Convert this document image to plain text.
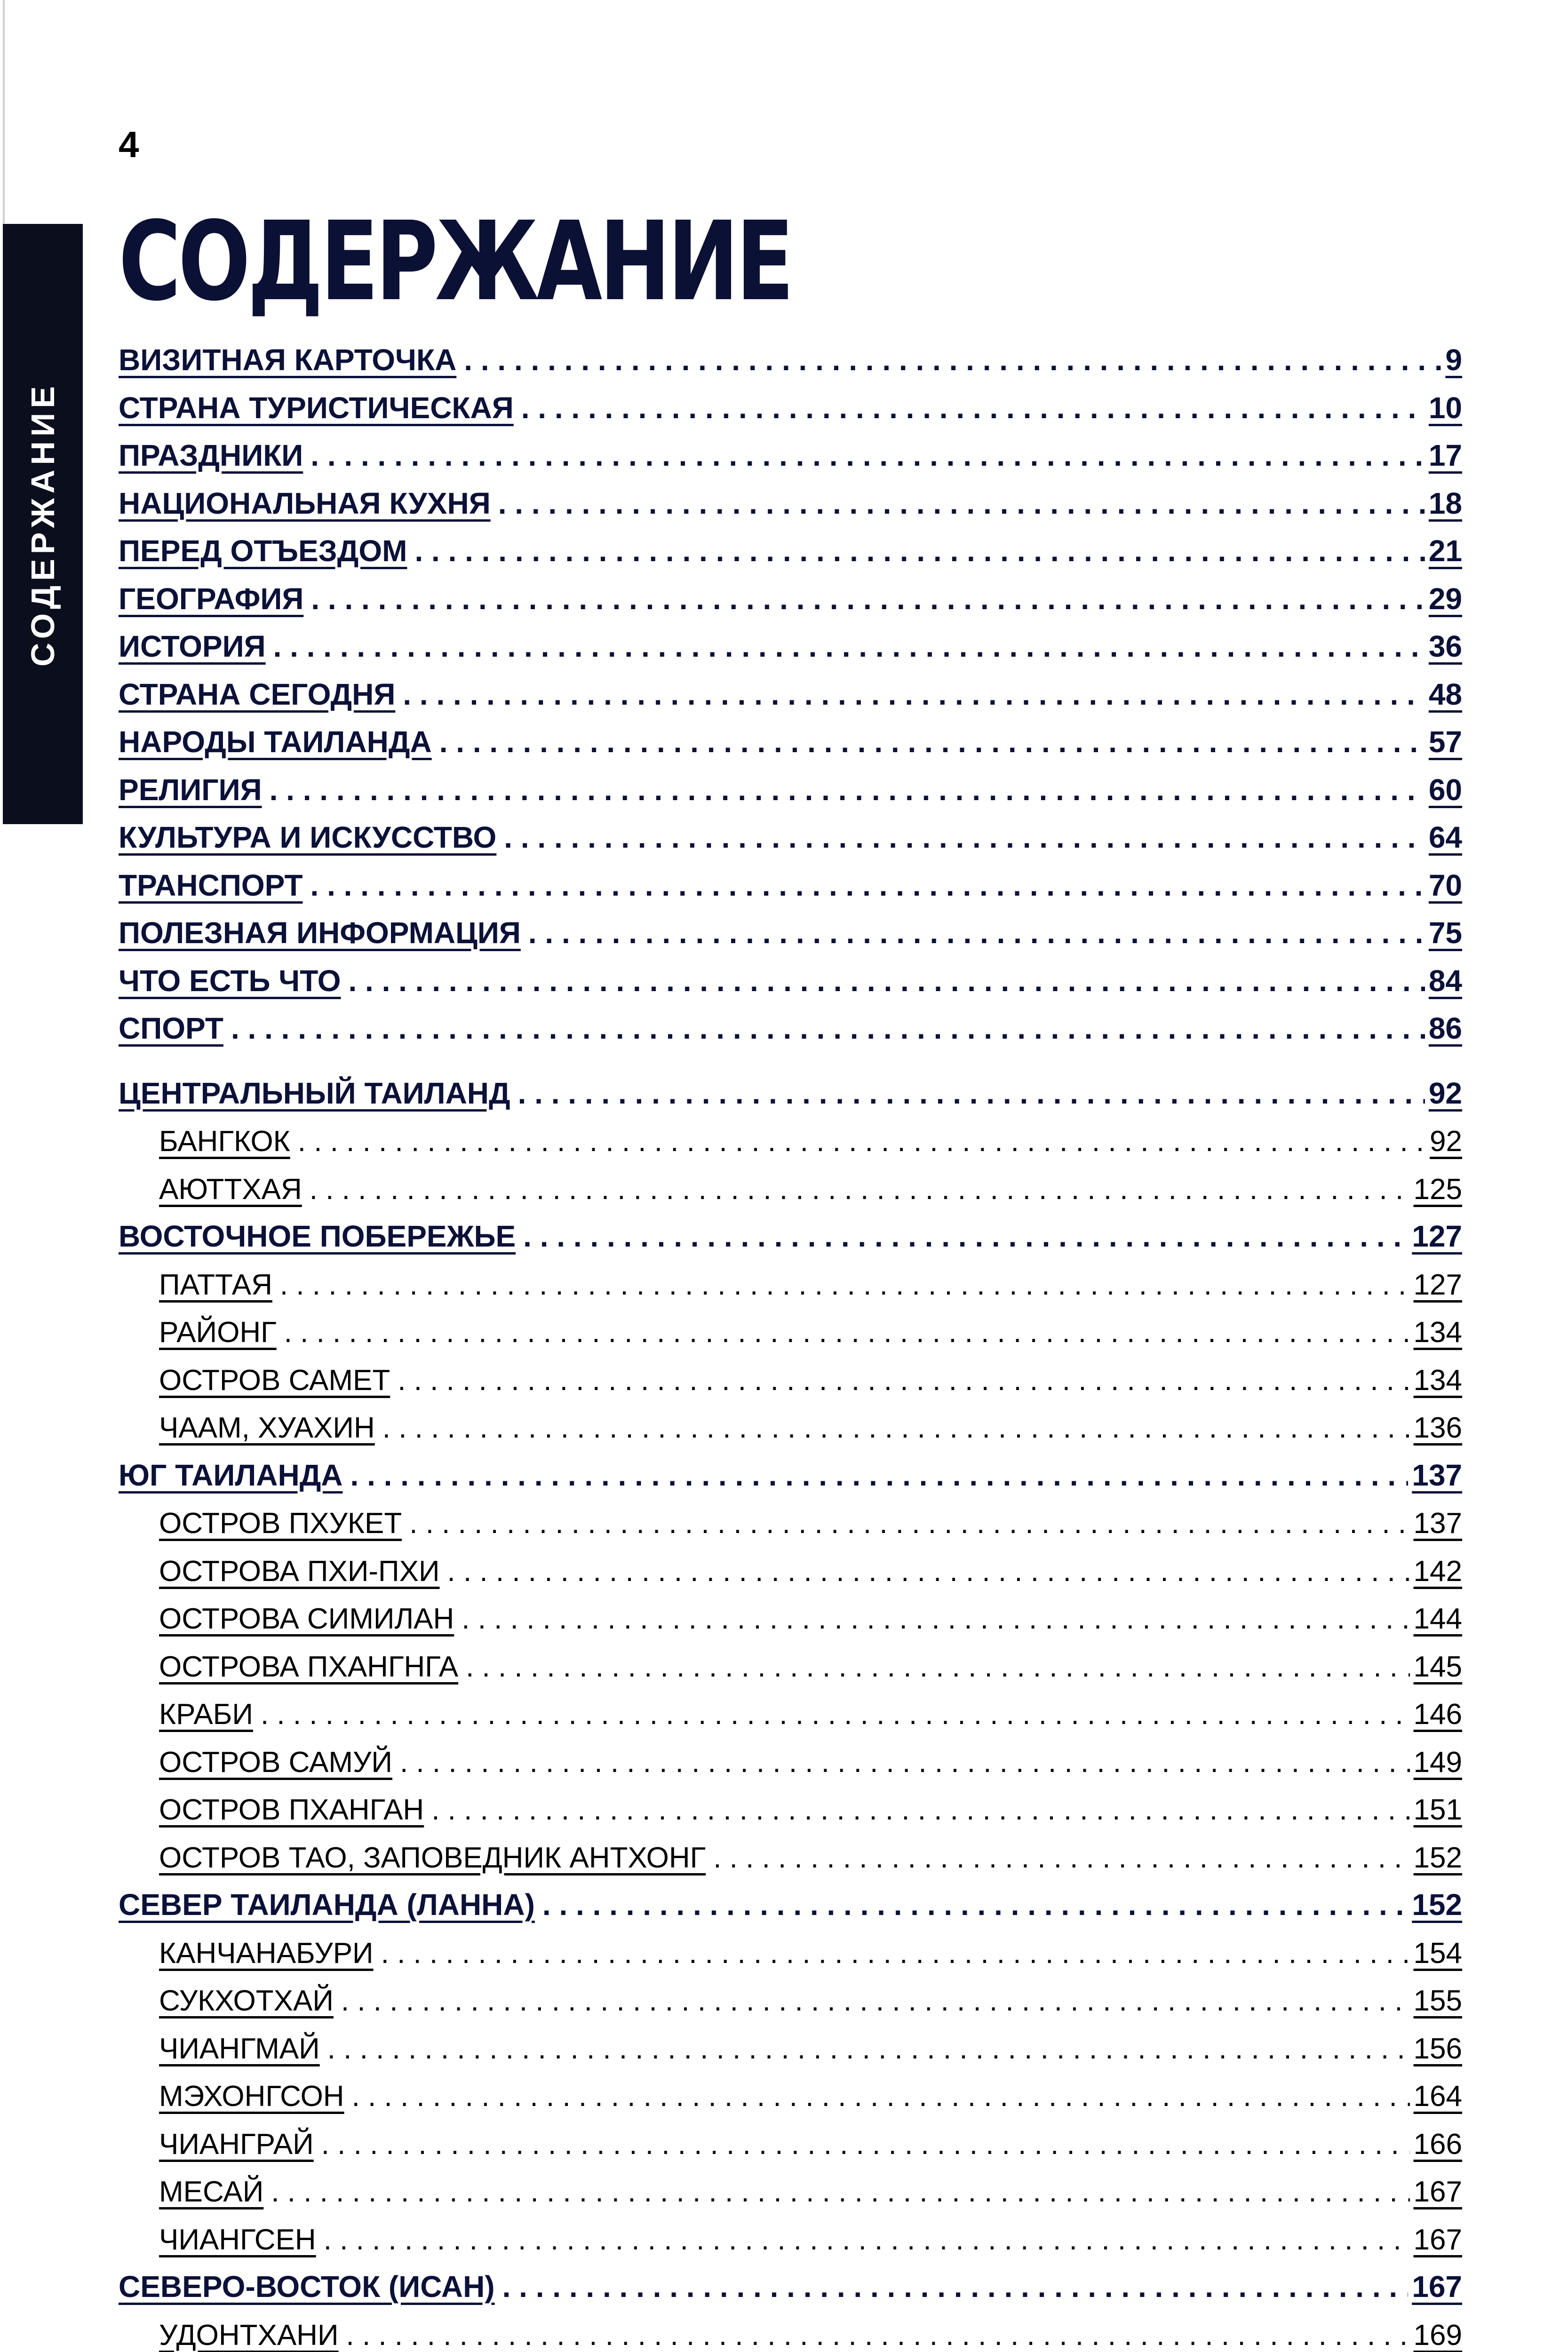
СОДЕРЖАНИЕ
4
СОДЕРЖАНИЕ
ВИЗИТНАЯ КАРТОЧКА . . .	9
СТРАНА ТУРИСТИЧЕСКАЯ . . .	10
ПРАЗДНИКИ . . .	17
НАЦИОНАЛЬНАЯ КУХНЯ . . .	18
ПЕРЕД ОТЪЕЗДОМ . . .	21
ГЕОГРАФИЯ . . .	29
ИСТОРИЯ . . .	36
СТРАНА СЕГОДНЯ . . .	48
НАРОДЫ ТАИЛАНДА . . .	57
РЕЛИГИЯ . . .	60
КУЛЬТУРА И ИСКУССТВО . . .	64
ТРАНСПОРТ . . .	70
ПОЛЕЗНАЯ ИНФОРМАЦИЯ . . .	75
ЧТО ЕСТЬ ЧТО . . .	84
СПОРТ . . .	86
ЦЕНТРАЛЬНЫЙ ТАИЛАНД . . .	92
БАНГКОК . . .	92
АЮТТХАЯ . . .	125
ВОСТОЧНОЕ ПОБЕРЕЖЬЕ . . .	127
ПАТТАЯ . . .	127
РАЙОНГ . . .	134
ОСТРОВ САМЕТ . . .	134
ЧААМ, ХУАХИН . . .	136
ЮГ ТАИЛАНДА . . .	137
ОСТРОВ ПХУКЕТ . . .	137
ОСТРОВА ПХИ-ПХИ . . .	142
ОСТРОВА СИМИЛАН . . .	144
ОСТРОВА ПХАНГНГА . . .	145
КРАБИ . . .	146
ОСТРОВ САМУЙ . . .	149
ОСТРОВ ПХАНГАН . . .	151
ОСТРОВ ТАО, ЗАПОВЕДНИК АНТХОНГ . . .	152
СЕВЕР ТАИЛАНДА (ЛАННА) . . .	152
КАНЧАНАБУРИ . . .	154
СУКХОТХАЙ . . .	155
ЧИАНГМАЙ . . .	156
МЭХОНГСОН . . .	164
ЧИАНГРАЙ . . .	166
МЕСАЙ . . .	167
ЧИАНГСЕН . . .	167
СЕВЕРО-ВОСТОК (ИСАН) . . .	167
УДОНТХАНИ . . .	169
